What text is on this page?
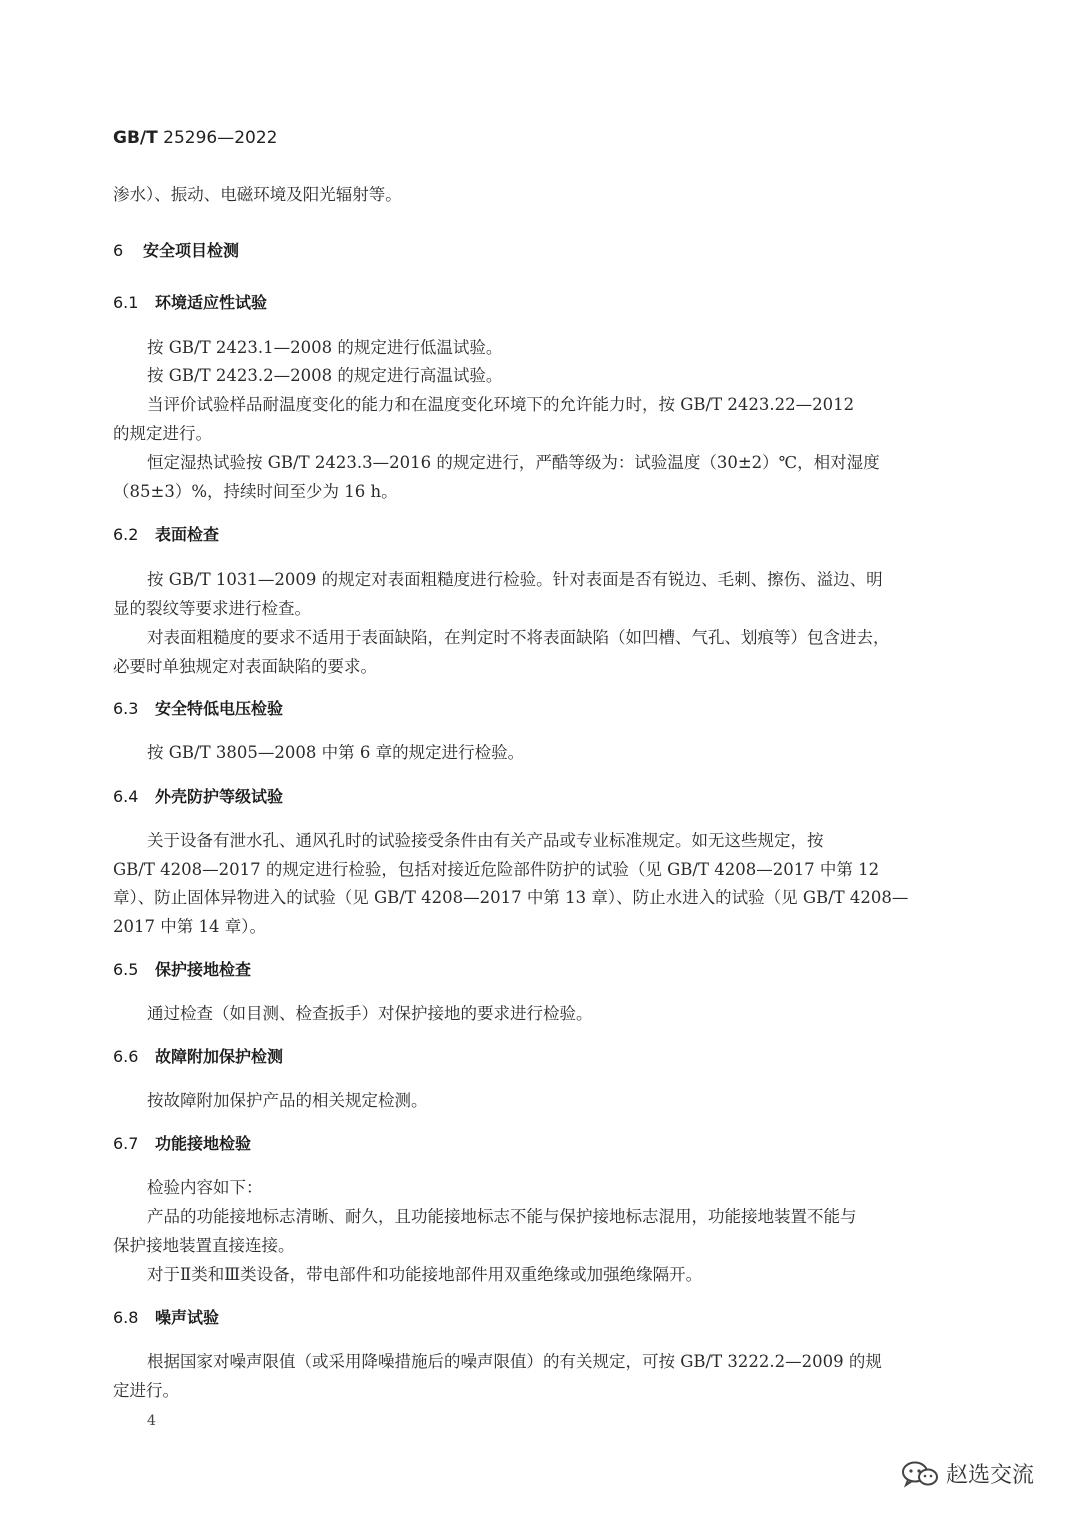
GB/T 25296—2022
渗水）、振动、电磁环境及阳光辐射等。
6 安全项目检测
6.1 环境适应性试验
按 GB/T 2423.1—2008 的规定进行低温试验。
按 GB/T 2423.2—2008 的规定进行高温试验。
当评价试验样品耐温度变化的能力和在温度变化环境下的允许能力时，按 GB/T 2423.22—2012
的规定进行。
恒定湿热试验按 GB/T 2423.3—2016 的规定进行，严酷等级为：试验温度（30±2）℃，相对湿度
（85±3）%，持续时间至少为 16 h。
6.2 表面检查
按 GB/T 1031—2009 的规定对表面粗糙度进行检验。针对表面是否有锐边、毛刺、擦伤、溢边、明
显的裂纹等要求进行检查。
对表面粗糙度的要求不适用于表面缺陷，在判定时不将表面缺陷（如凹槽、气孔、划痕等）包含进去，
必要时单独规定对表面缺陷的要求。
6.3 安全特低电压检验
按 GB/T 3805—2008 中第 6 章的规定进行检验。
6.4 外壳防护等级试验
关于设备有泄水孔、通风孔时的试验接受条件由有关产品或专业标准规定。如无这些规定，按
GB/T 4208—2017 的规定进行检验，包括对接近危险部件防护的试验（见 GB/T 4208—2017 中第 12
章）、防止固体异物进入的试验（见 GB/T 4208—2017 中第 13 章）、防止水进入的试验（见 GB/T 4208—
2017 中第 14 章）。
6.5 保护接地检查
通过检查（如目测、检查扳手）对保护接地的要求进行检验。
6.6 故障附加保护检测
按故障附加保护产品的相关规定检测。
6.7 功能接地检验
检验内容如下：
产品的功能接地标志清晰、耐久，且功能接地标志不能与保护接地标志混用，功能接地装置不能与
保护接地装置直接连接。
对于Ⅱ类和Ⅲ类设备，带电部件和功能接地部件用双重绝缘或加强绝缘隔开。
6.8 噪声试验
根据国家对噪声限值（或采用降噪措施后的噪声限值）的有关规定，可按 GB/T 3222.2—2009 的规
定进行。
4
赵选交流
